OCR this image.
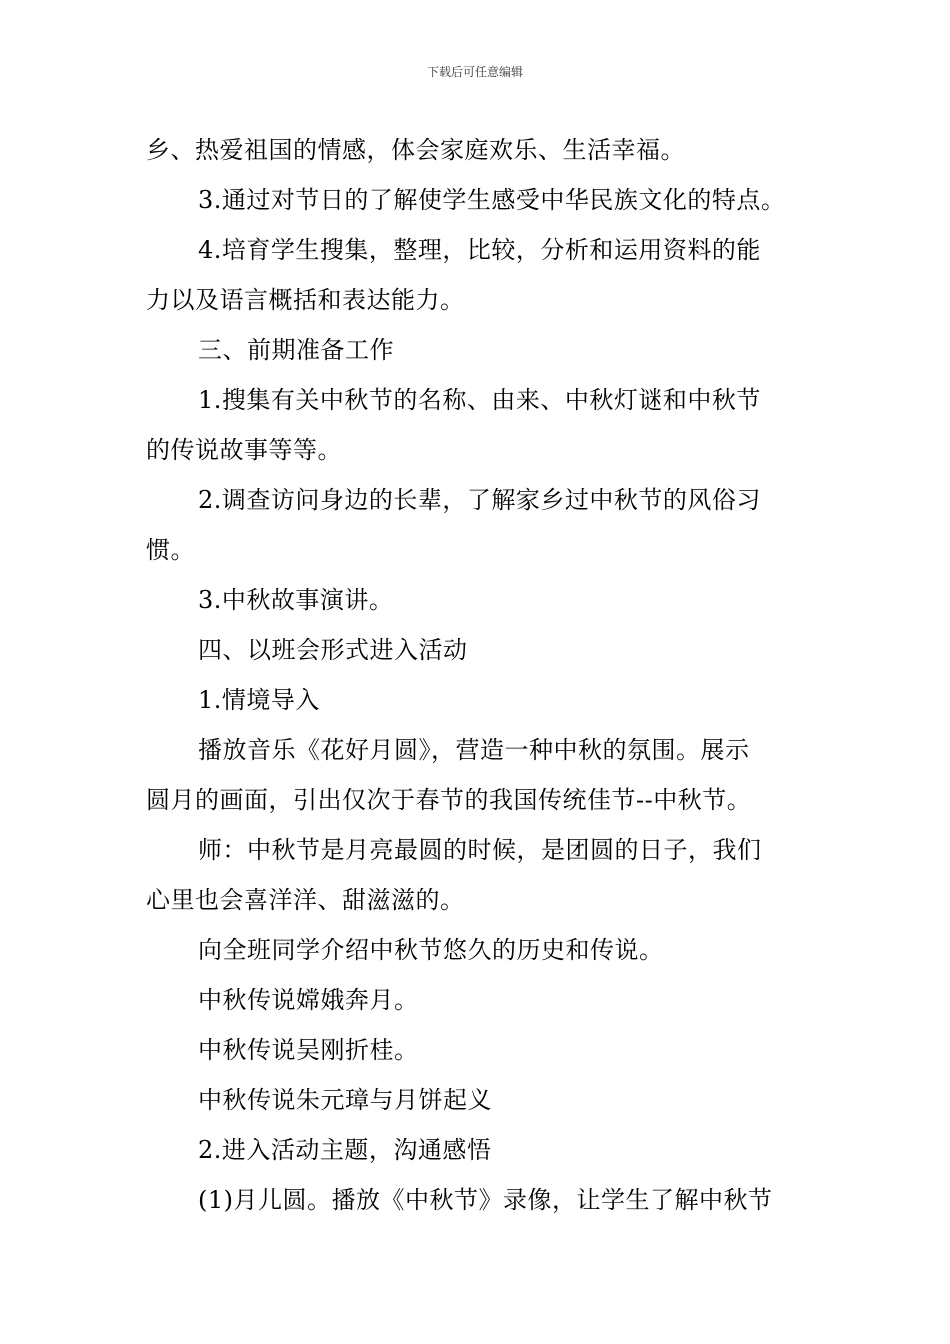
下载后可任意编辑
乡、热爱祖国的情感，体会家庭欢乐、生活幸福。
3.通过对节日的了解使学生感受中华民族文化的特点。
4.培育学生搜集，整理，比较，分析和运用资料的能
力以及语言概括和表达能力。
三、前期准备工作
1.搜集有关中秋节的名称、由来、中秋灯谜和中秋节
的传说故事等等。
2.调查访问身边的长辈，了解家乡过中秋节的风俗习
惯。
3.中秋故事演讲。
四、以班会形式进入活动
1.情境导入
播放音乐《花好月圆》，营造一种中秋的氛围。展示
圆月的画面，引出仅次于春节的我国传统佳节--中秋节。
师：中秋节是月亮最圆的时候，是团圆的日子，我们
心里也会喜洋洋、甜滋滋的。
向全班同学介绍中秋节悠久的历史和传说。
中秋传说嫦娥奔月。
中秋传说吴刚折桂。
中秋传说朱元璋与月饼起义
2.进入活动主题，沟通感悟
(1)月儿圆。播放《中秋节》录像，让学生了解中秋节
